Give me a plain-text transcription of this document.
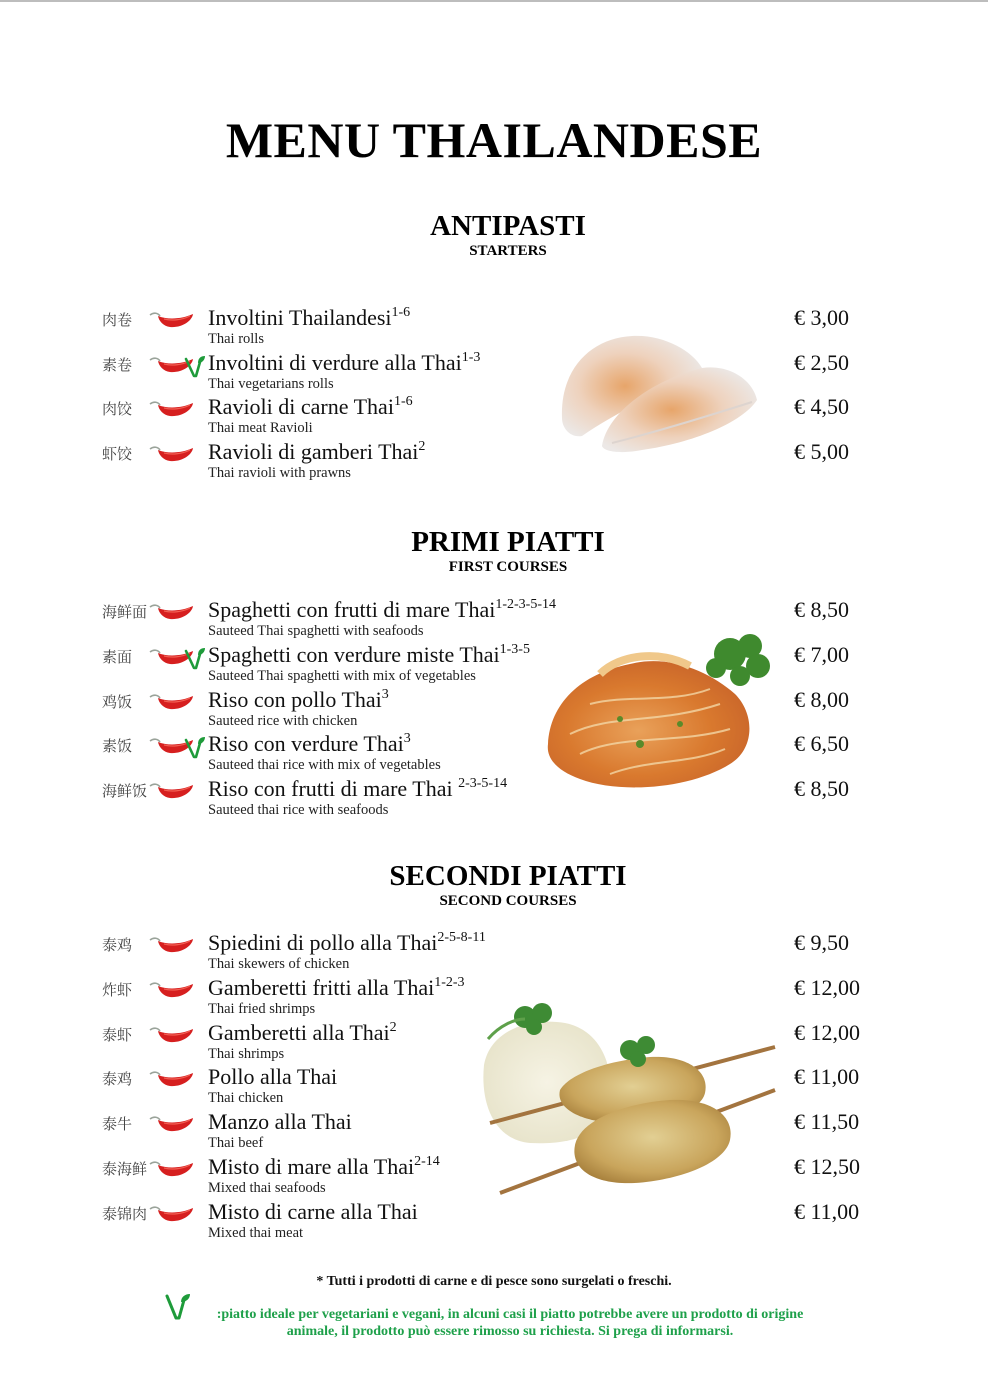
MENU THAILANDESE
ANTIPASTI
STARTERS
肉卷	Involtini Thailandesi$^{1-6}$
Thai rolls
€ 3,00
素卷	Involtini di verdure alla Thai$^{1-3}$
Thai vegetarians rolls
€ 2,50
肉饺	Ravioli di carne Thai$^{1-6}$
Thai meat Ravioli
€ 4,50
虾饺	Ravioli di gamberi Thai$^2$
Thai ravioli with prawns
€ 5,00
PRIMI PIATTI
FIRST COURSES
海鲜面	Spaghetti con frutti di mare Thai$^{1-2-3-5-14}$
Sauteed Thai spaghetti with seafoods
€ 8,50
素面	Spaghetti con verdure miste Thai$^{1-3-5}$
Sauteed Thai spaghetti with mix of vegetables
€ 7,00
鸡饭	Riso con pollo Thai$^3$
Sauteed rice with chicken
€ 8,00
素饭	Riso con verdure Thai$^3$
Sauteed thai rice with mix of vegetables
€ 6,50
海鲜饭	Riso con frutti di mare Thai $^{2-3-5-14}$
Sauteed thai rice with seafoods
€ 8,50
SECONDI PIATTI
SECOND COURSES
泰鸡	Spiedini di pollo alla Thai$^{2-5-8-11}$
Thai skewers of chicken
€ 9,50
炸虾	Gamberetti fritti alla Thai$^{1-2-3}$
Thai fried shrimps
€ 12,00
泰虾	Gamberetti alla Thai$^2$
Thai shrimps
€ 12,00
泰鸡	Pollo alla Thai
Thai chicken
€ 11,00
泰牛	Manzo alla Thai
Thai beef
€ 11,50
泰海鲜	Misto di mare alla Thai$^{2-14}$
Mixed thai seafoods
€ 12,50
泰锦肉	Misto di carne alla Thai
Mixed thai meat
€ 11,00
* Tutti i prodotti di carne e di pesce sono surgelati o freschi.
:piatto ideale per vegetariani e vegani, in alcuni casi il piatto potrebbe avere un prodotto di origine
animale, il prodotto può essere rimosso su richiesta. Si prega di informarsi.
